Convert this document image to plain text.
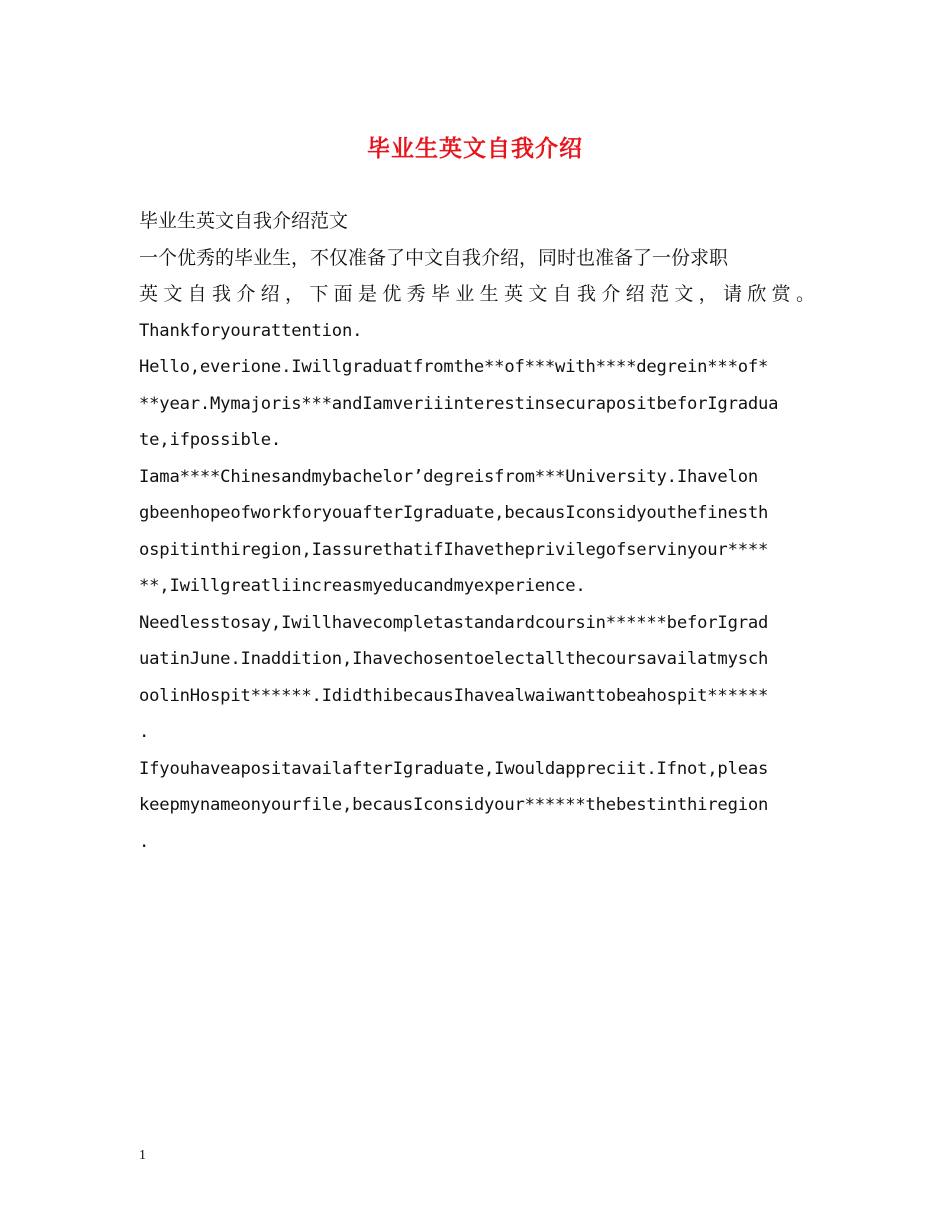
毕业生英文自我介绍
毕业生英文自我介绍范文
一个优秀的毕业生，不仅准备了中文自我介绍，同时也准备了一份求职
英文自我介绍，下面是优秀毕业生英文自我介绍范文，请欣赏。
Thankforyourattention.
Hello,everione.Iwillgraduatfromthe**of***with****degrein***of*
**year.Mymajoris***andIamveriiinterestinsecurapositbeforIgradua
te,ifpossible.
Iama****Chinesandmybachelor’degreisfrom***University.Ihavelon
gbeenhopeofworkforyouafterIgraduate,becausIconsidyouthefinesth
ospitinthiregion,IassurethatifIhavetheprivilegofservinyour****
**,Iwillgreatliincreasmyeducandmyexperience.
Needlesstosay,Iwillhavecompletastandardcoursin******beforIgrad
uatinJune.Inaddition,Ihavechosentoelectallthecoursavailatmysch
oolinHospit******.IdidthibecausIhavealwaiwanttobeahospit******
.
IfyouhaveapositavailafterIgraduate,Iwouldappreciit.Ifnot,pleas
keepmynameonyourfile,becausIconsidyour******thebestinthiregion
.
1
